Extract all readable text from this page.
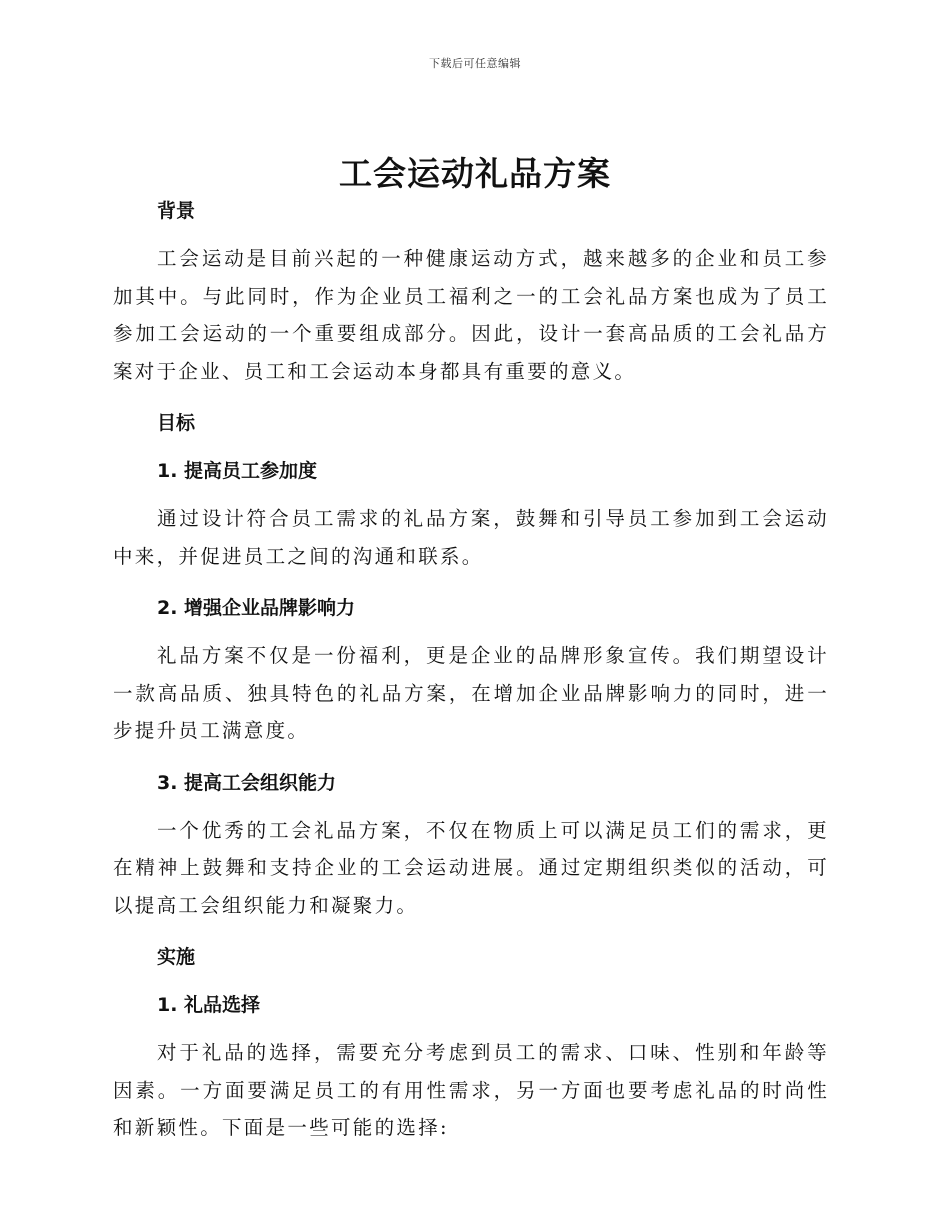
下载后可任意编辑
工会运动礼品方案
背景
工会运动是目前兴起的一种健康运动方式，越来越多的企业和员工参加其中。与此同时，作为企业员工福利之一的工会礼品方案也成为了员工参加工会运动的一个重要组成部分。因此，设计一套高品质的工会礼品方案对于企业、员工和工会运动本身都具有重要的意义。
目标
1. 提高员工参加度
通过设计符合员工需求的礼品方案，鼓舞和引导员工参加到工会运动中来，并促进员工之间的沟通和联系。
2. 增强企业品牌影响力
礼品方案不仅是一份福利，更是企业的品牌形象宣传。我们期望设计一款高品质、独具特色的礼品方案，在增加企业品牌影响力的同时，进一步提升员工满意度。
3. 提高工会组织能力
一个优秀的工会礼品方案，不仅在物质上可以满足员工们的需求，更在精神上鼓舞和支持企业的工会运动进展。通过定期组织类似的活动，可以提高工会组织能力和凝聚力。
实施
1. 礼品选择
对于礼品的选择，需要充分考虑到员工的需求、口味、性别和年龄等因素。一方面要满足员工的有用性需求，另一方面也要考虑礼品的时尚性和新颖性。下面是一些可能的选择:
